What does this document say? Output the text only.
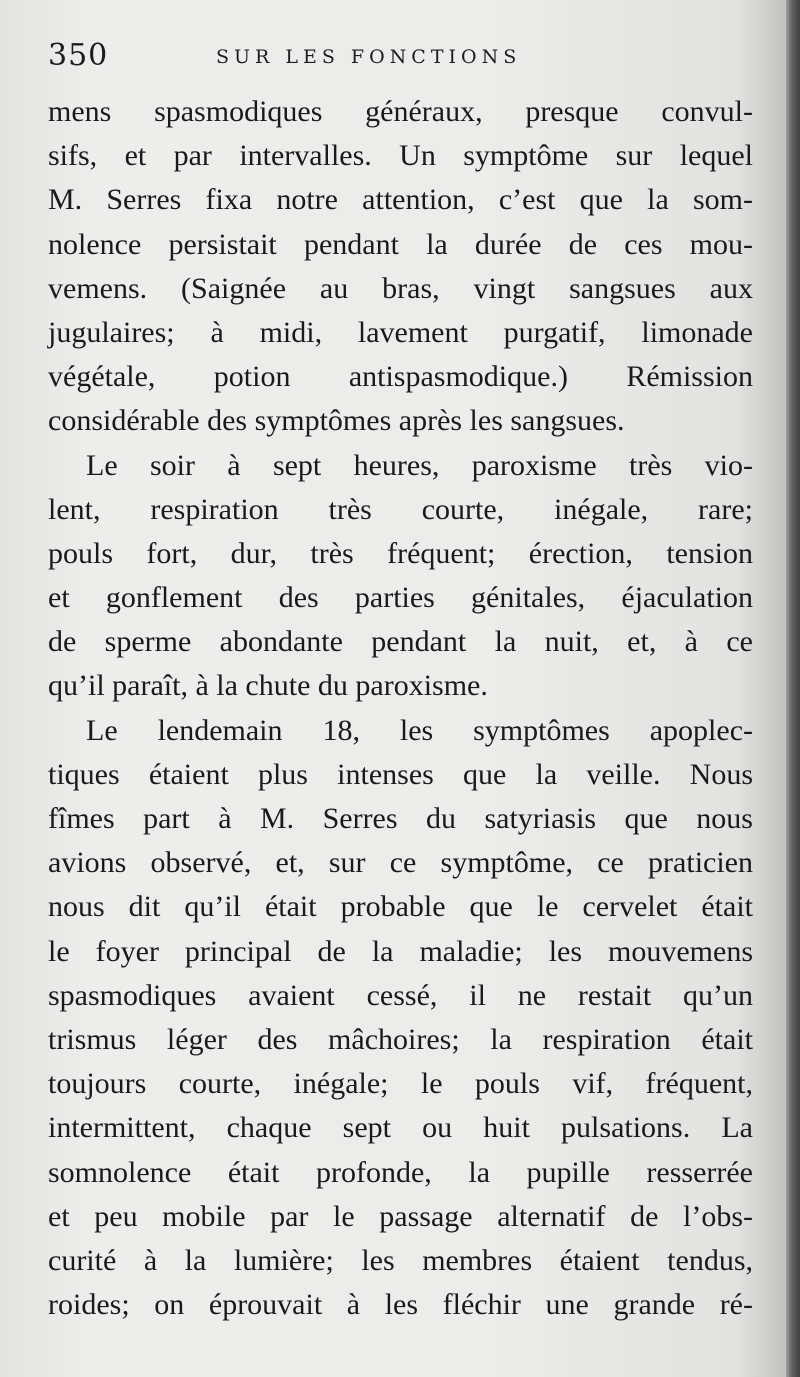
350	SUR LES FONCTIONS
mens spasmodiques généraux, presque convul-
sifs, et par intervalles. Un symptôme sur lequel
M. Serres fixa notre attention, c’est que la som-
nolence persistait pendant la durée de ces mou-
vemens. (Saignée au bras, vingt sangsues aux
jugulaires; à midi, lavement purgatif, limonade
végétale, potion antispasmodique.) Rémission
considérable des symptômes après les sangsues.
Le soir à sept heures, paroxisme très vio-
lent, respiration très courte, inégale, rare;
pouls fort, dur, très fréquent; érection, tension
et gonflement des parties génitales, éjaculation
de sperme abondante pendant la nuit, et, à ce
qu’il paraît, à la chute du paroxisme.
Le lendemain 18, les symptômes apoplec-
tiques étaient plus intenses que la veille. Nous
fîmes part à M. Serres du satyriasis que nous
avions observé, et, sur ce symptôme, ce praticien
nous dit qu’il était probable que le cervelet était
le foyer principal de la maladie; les mouvemens
spasmodiques avaient cessé, il ne restait qu’un
trismus léger des mâchoires; la respiration était
toujours courte, inégale; le pouls vif, fréquent,
intermittent, chaque sept ou huit pulsations. La
somnolence était profonde, la pupille resserrée
et peu mobile par le passage alternatif de l’obs-
curité à la lumière; les membres étaient tendus,
roides; on éprouvait à les fléchir une grande ré-
